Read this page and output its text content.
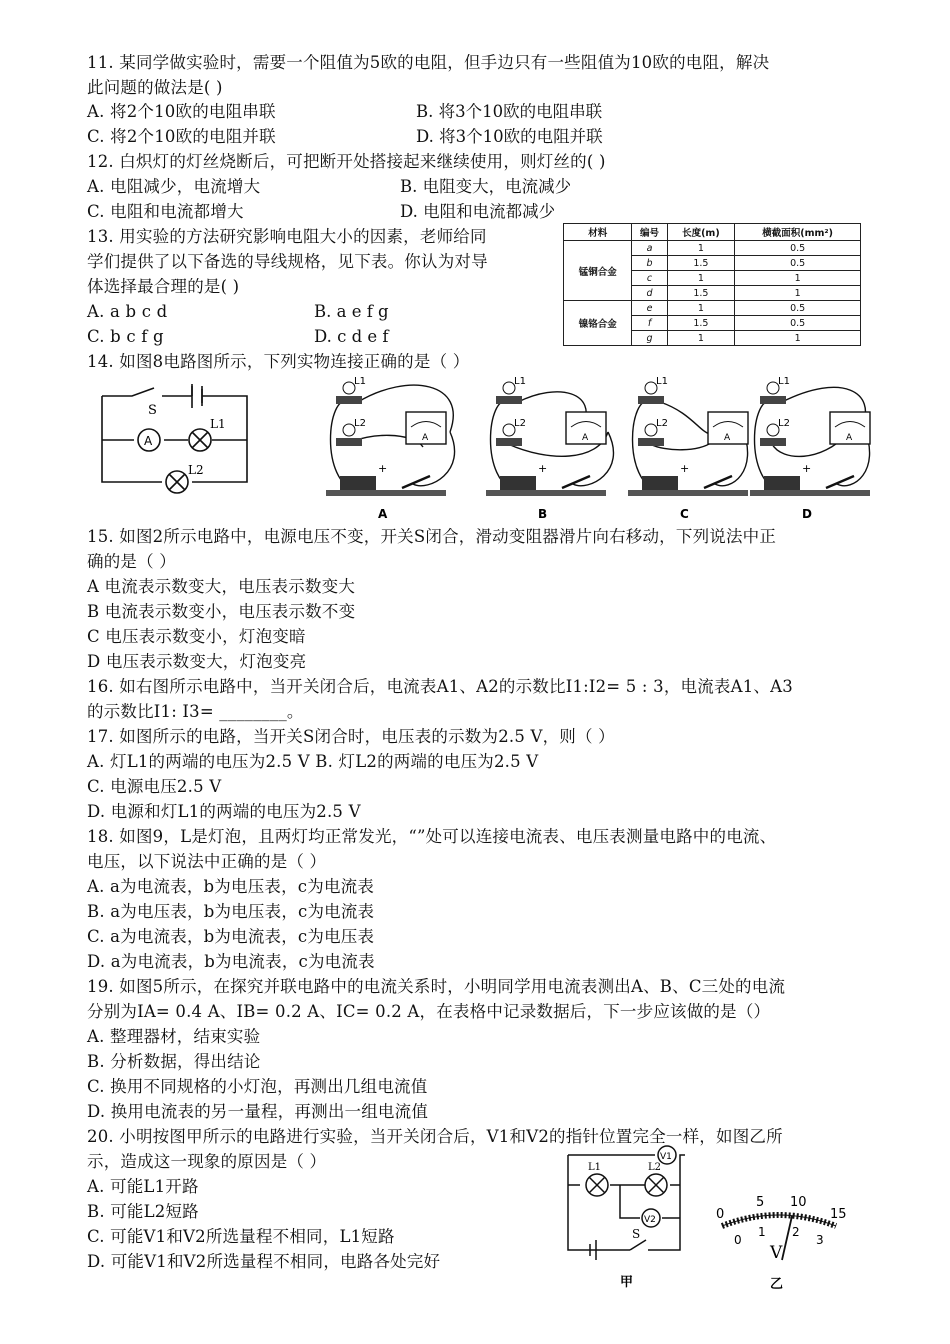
11. 某同学做实验时，需要一个阻值为5欧的电阻，但手边只有一些阻值为10欧的电阻，解决
此问题的做法是( )
A. 将2个10欧的电阻串联
C. 将2个10欧的电阻并联
12. 白炽灯的灯丝烧断后，可把断开处搭接起来继续使用，则灯丝的( )
A. 电阻减少，电流增大
C. 电阻和电流都增大
13. 用实验的方法研究影响电阻大小的因素，老师给同
学们提供了以下备选的导线规格，见下表。你认为对导
体选择最合理的是( )
A. a b c d
C. b c f g
14. 如图8电路图所示，下列实物连接正确的是（ ）
15. 如图2所示电路中，电源电压不变，开关S闭合，滑动变阻器滑片向右移动，下列说法中正
确的是（ ）
A 电流表示数变大，电压表示数变大
B 电流表示数变小，电压表示数不变
C 电压表示数变小，灯泡变暗
D 电压表示数变大，灯泡变亮
16. 如右图所示电路中，当开关闭合后，电流表A1、A2的示数比I1:I2= 5 : 3，电流表A1、A3
的示数比I1: I3= ________。
17. 如图所示的电路，当开关S闭合时，电压表的示数为2.5 V，则（ ）
A. 灯L1的两端的电压为2.5 V B. 灯L2的两端的电压为2.5 V
C. 电源电压2.5 V
D. 电源和灯L1的两端的电压为2.5 V
18. 如图9，L是灯泡，且两灯均正常发光，“”处可以连接电流表、电压表测量电路中的电流、
电压，以下说法中正确的是（ ）
A. a为电流表，b为电压表，c为电流表
B. a为电压表，b为电压表，c为电流表
C. a为电流表，b为电流表，c为电压表
D. a为电流表，b为电流表，c为电流表
19. 如图5所示，在探究并联电路中的电流关系时，小明同学用电流表测出A、B、C三处的电流
分别为IA= 0.4 A、IB= 0.2 A、IC= 0.2 A，在表格中记录数据后，下一步应该做的是（）
A. 整理器材，结束实验
B. 分析数据，得出结论
C. 换用不同规格的小灯泡，再测出几组电流值
D. 换用电流表的另一量程，再测出一组电流值
20. 小明按图甲所示的电路进行实验，当开关闭合后，V1和V2的指针位置完全一样，如图乙所
示，造成这一现象的原因是（ ）
A. 可能L1开路
B. 可能L2短路
C. 可能V1和V2所选量程不相同，L1短路
D. 可能V1和V2所选量程不相同，电路各处完好
B. 将3个10欧的电阻串联
D. 将3个10欧的电阻并联
B. 电阻变大，电流减少
D. 电阻和电流都减少
B. a e f g
D. c d e f
材料	编号	长度(m)	横截面积(mm²)
锰铜合金	a	1	0.5
	b	1.5	0.5
	c	1	1
	d	1.5	1
镍铬合金	e	1	0.5
	f	1.5	0.5
	g	1	1
S
A
L1
L2
L1
L2
A
+
A
L1
L2
A
+
B
L1
L2
A
+
C
L1
L2
A
+
D
V1
L1	L2
V2
S
甲
0
5 10
15
0
1 2
3
V
乙
